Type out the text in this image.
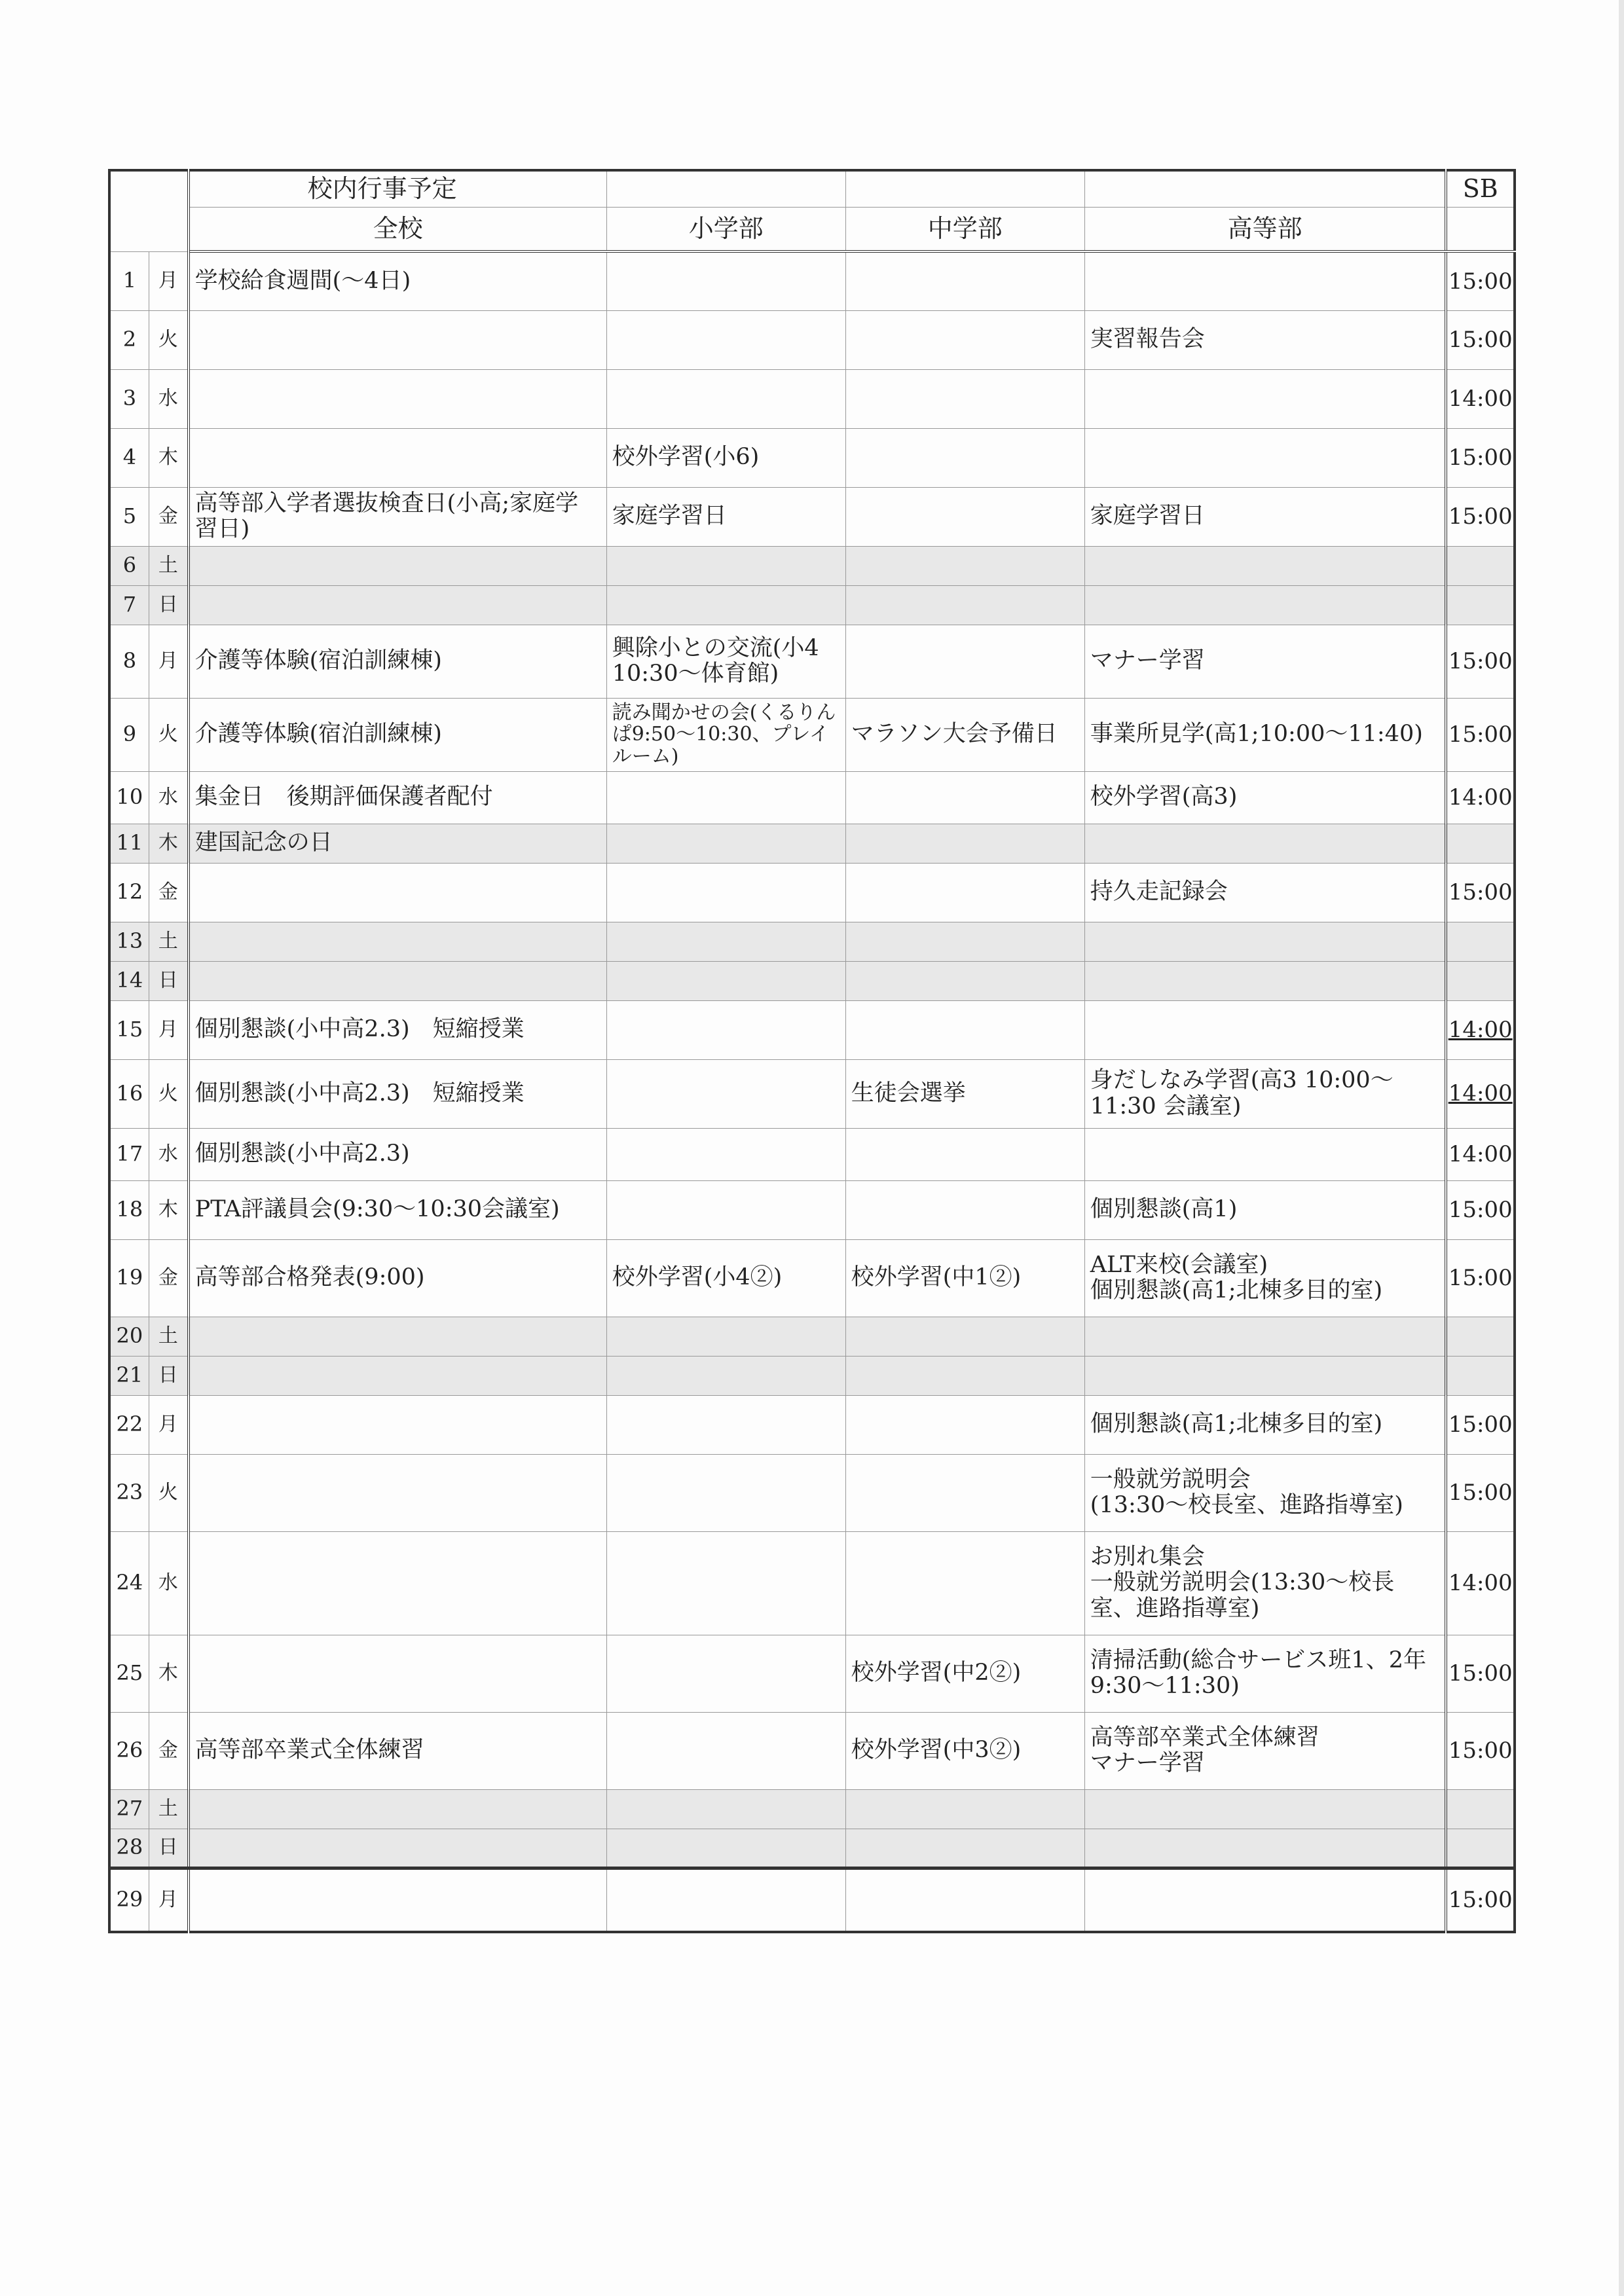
		校内行事予定				SB
		全校	小学部	中学部	高等部	
1	月	学校給食週間(～4日)				15:00
2	火				実習報告会	15:00
3	水					14:00
4	木		校外学習(小6)			15:00
5	金	高等部入学者選抜検査日(小高;家庭学習日)	家庭学習日		家庭学習日	15:00
6	土					
7	日					
8	月	介護等体験(宿泊訓練棟)	興除小との交流(小4 10:30～体育館)		マナー学習	15:00
9	火	介護等体験(宿泊訓練棟)	読み聞かせの会(くるりんぱ9:50～10:30、プレイルーム)	マラソン大会予備日	事業所見学(高1;10:00～11:40)	15:00
10	水	集金日　後期評価保護者配付			校外学習(高3)	14:00
11	木	建国記念の日				
12	金				持久走記録会	15:00
13	土					
14	日					
15	月	個別懇談(小中高2.3)　短縮授業				14:00
16	火	個別懇談(小中高2.3)　短縮授業		生徒会選挙	身だしなみ学習(高3 10:00～11:30 会議室)	14:00
17	水	個別懇談(小中高2.3)				14:00
18	木	PTA評議員会(9:30～10:30会議室)			個別懇談(高1)	15:00
19	金	高等部合格発表(9:00)	校外学習(小4②)	校外学習(中1②)	ALT来校(会議室)
個別懇談(高1;北棟多目的室)	15:00
20	土					
21	日					
22	月				個別懇談(高1;北棟多目的室)	15:00
23	火				一般就労説明会
(13:30～校長室、進路指導室)	15:00
24	水				お別れ集会
一般就労説明会(13:30～校長室、進路指導室)	14:00
25	木			校外学習(中2②)	清掃活動(総合サービス班1、2年　9:30～11:30)	15:00
26	金	高等部卒業式全体練習		校外学習(中3②)	高等部卒業式全体練習
マナー学習	15:00
27	土					
28	日					
29	月					15:00
